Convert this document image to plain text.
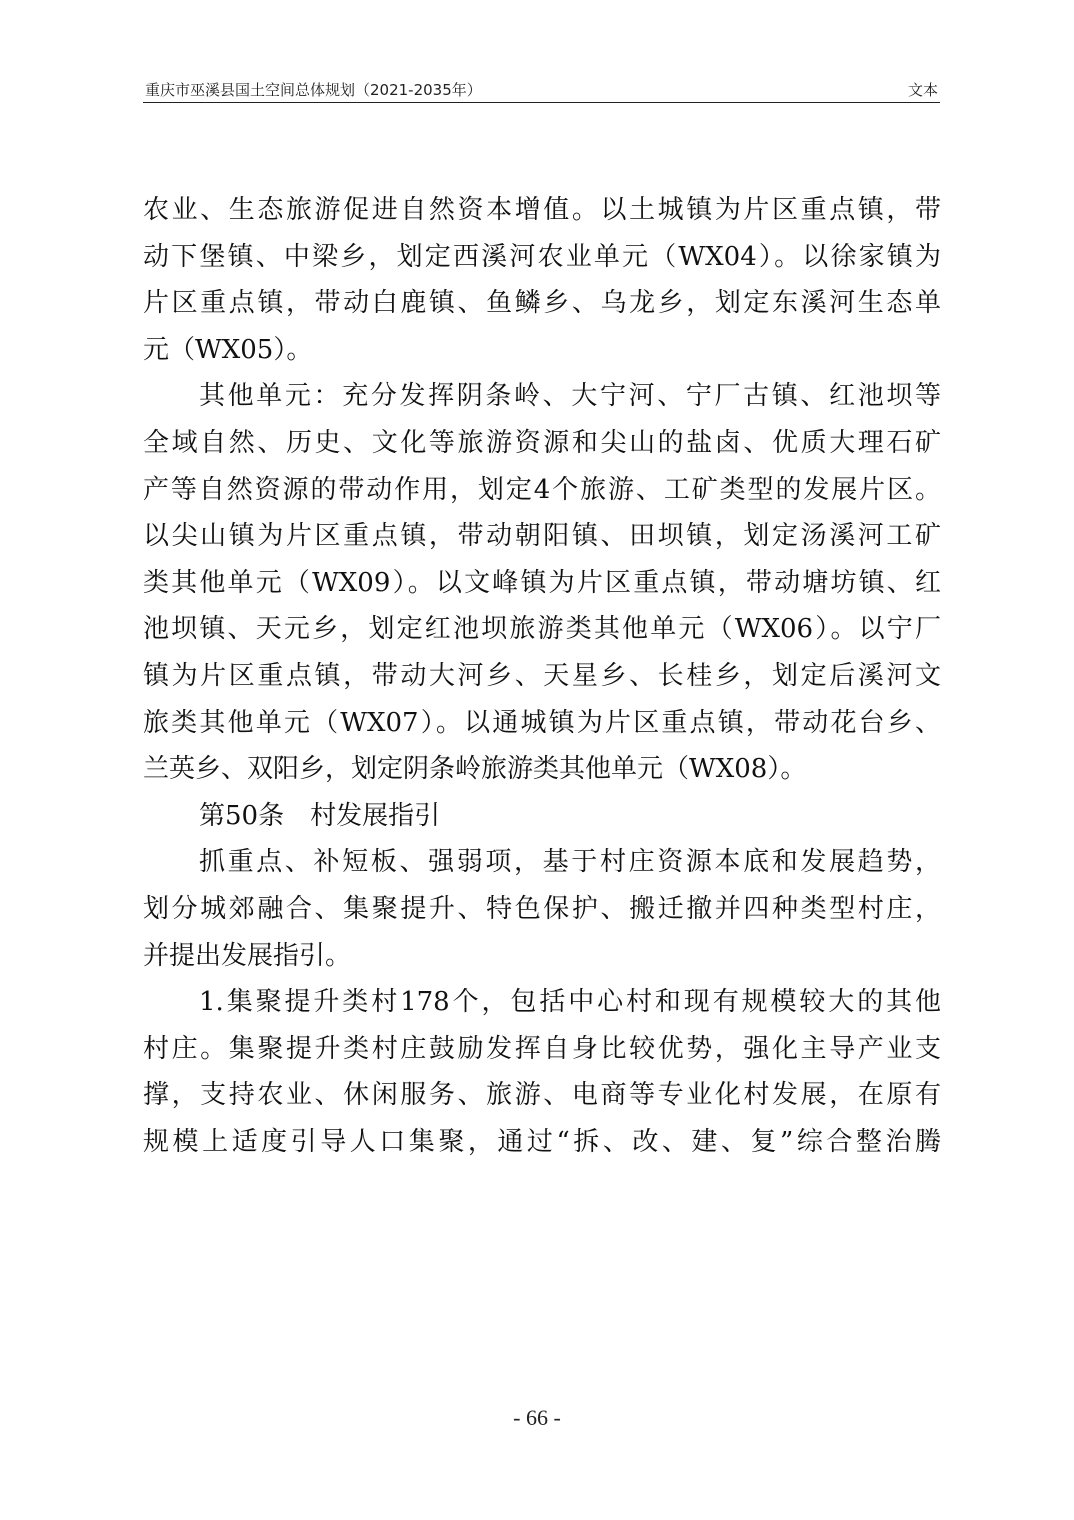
重庆市巫溪县国土空间总体规划（2021-2035年）	文本
农业、生态旅游促进自然资本增值。以土城镇为片区重点镇，带
动下堡镇、中梁乡，划定西溪河农业单元（WX04）。以徐家镇为
片区重点镇，带动白鹿镇、鱼鳞乡、乌龙乡，划定东溪河生态单
元（WX05）。
其他单元：充分发挥阴条岭、大宁河、宁厂古镇、红池坝等
全域自然、历史、文化等旅游资源和尖山的盐卤、优质大理石矿
产等自然资源的带动作用，划定4个旅游、工矿类型的发展片区。
以尖山镇为片区重点镇，带动朝阳镇、田坝镇，划定汤溪河工矿
类其他单元（WX09）。以文峰镇为片区重点镇，带动塘坊镇、红
池坝镇、天元乡，划定红池坝旅游类其他单元（WX06）。以宁厂
镇为片区重点镇，带动大河乡、天星乡、长桂乡，划定后溪河文
旅类其他单元（WX07）。以通城镇为片区重点镇，带动花台乡、
兰英乡、双阳乡，划定阴条岭旅游类其他单元（WX08）。
第50条　村发展指引
抓重点、补短板、强弱项，基于村庄资源本底和发展趋势，
划分城郊融合、集聚提升、特色保护、搬迁撤并四种类型村庄，
并提出发展指引。
1.集聚提升类村178个，包括中心村和现有规模较大的其他
村庄。集聚提升类村庄鼓励发挥自身比较优势，强化主导产业支
撑，支持农业、休闲服务、旅游、电商等专业化村发展，在原有
规模上适度引导人口集聚，通过“拆、改、建、复”综合整治腾
- 66 -
